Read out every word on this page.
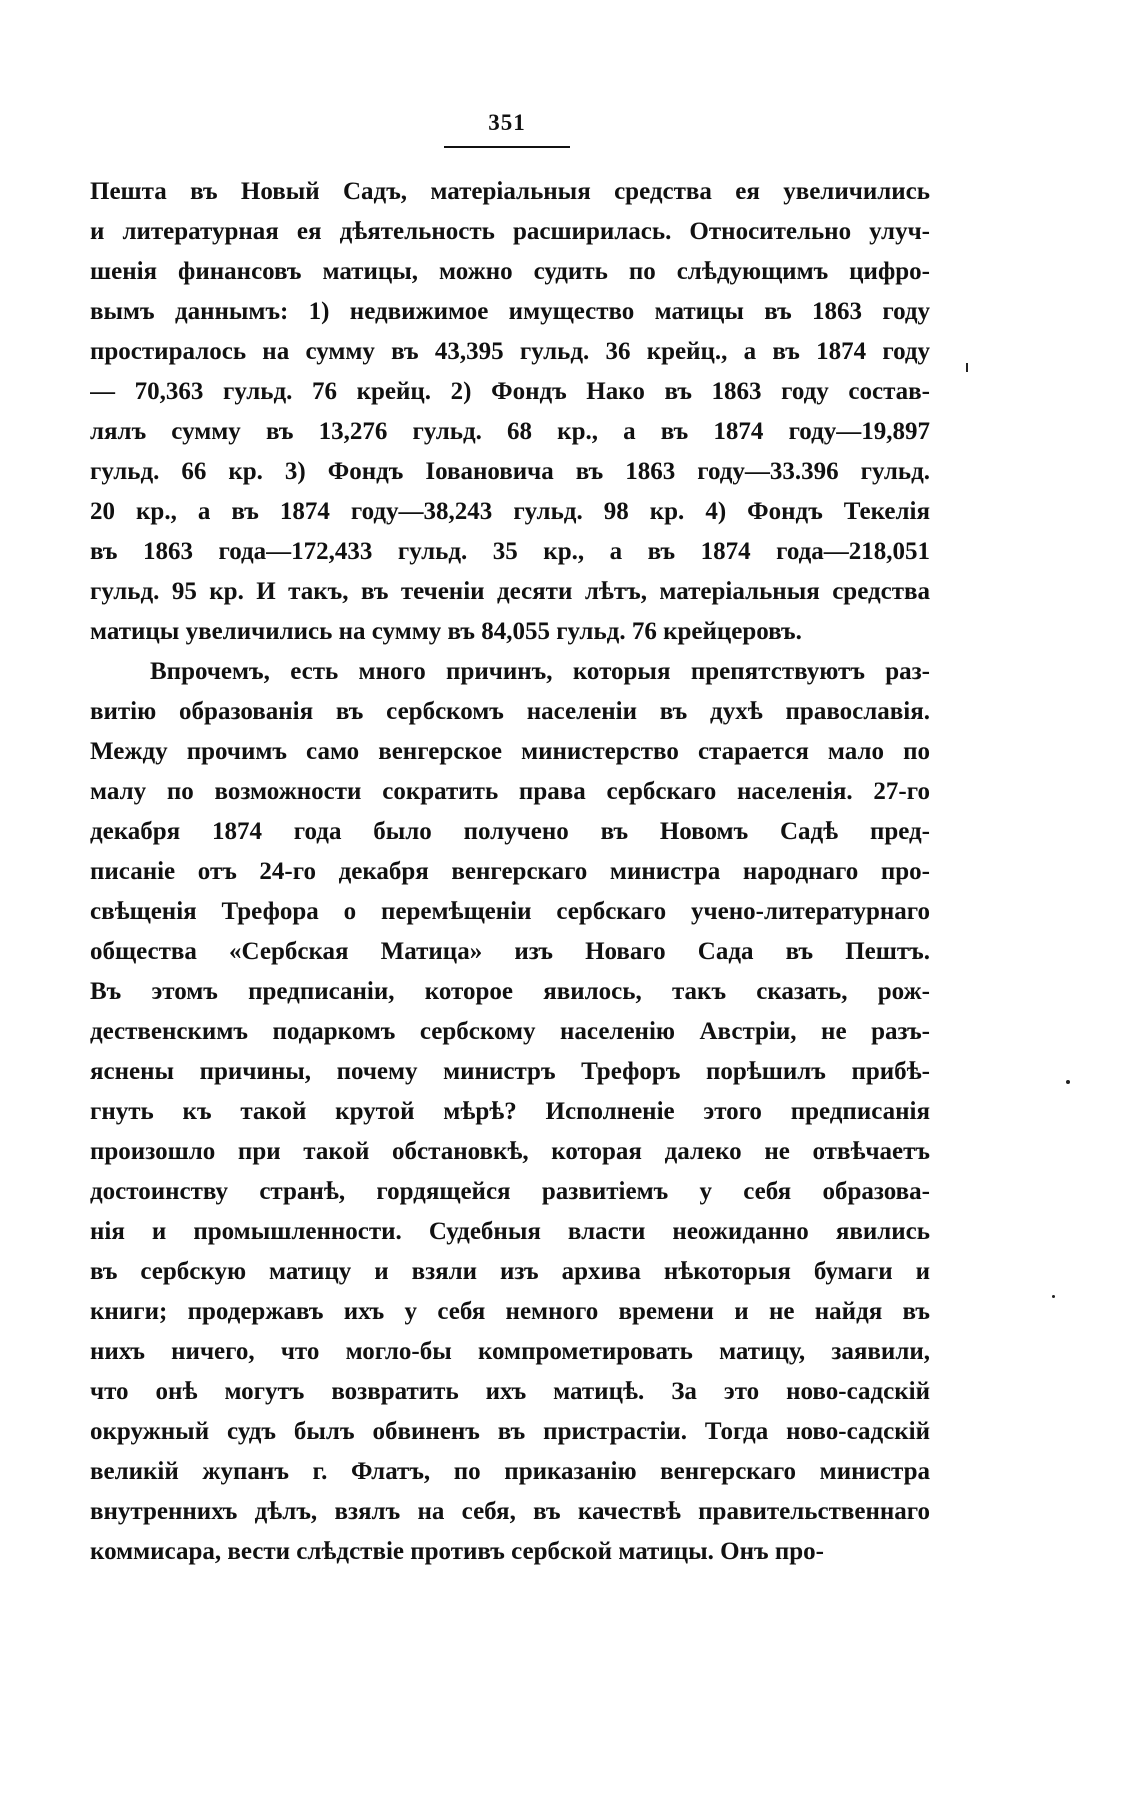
351
Пешта въ Новый Садъ, матеріальныя средства ея увеличились
и литературная ея дѣятельность расширилась. Относительно улуч-
шенія финансовъ матицы, можно судить по слѣдующимъ цифро-
вымъ даннымъ: 1) недвижимое имущество матицы въ 1863 году
простиралось на сумму въ 43,395 гульд. 36 крейц., а въ 1874 году
— 70,363 гульд. 76 крейц. 2) Фондъ Нако въ 1863 году состав-
лялъ сумму въ 13,276 гульд. 68 кр., а въ 1874 году—19,897
гульд. 66 кр. 3) Фондъ Іовановича въ 1863 году—33.396 гульд.
20 кр., а въ 1874 году—38,243 гульд. 98 кр. 4) Фондъ Текелія
въ 1863 года—172,433 гульд. 35 кр., а въ 1874 года—218,051
гульд. 95 кр. И такъ, въ теченіи десяти лѣтъ, матеріальныя средства
матицы увеличились на сумму въ 84,055 гульд. 76 крейцеровъ.
Впрочемъ, есть много причинъ, которыя препятствуютъ раз-
витію образованія въ сербскомъ населеніи въ духѣ православія.
Между прочимъ само венгерское министерство старается мало по
малу по возможности сократить права сербскаго населенія. 27-го
декабря 1874 года было получено въ Новомъ Садѣ пред-
писаніе отъ 24-го декабря венгерскаго министра народнаго про-
свѣщенія Трефора о перемѣщеніи сербскаго учено-литературнаго
общества «Сербская Матица» изъ Новаго Сада въ Пештъ.
Въ этомъ предписаніи, которое явилось, такъ сказать, рож-
дественскимъ подаркомъ сербскому населенію Австріи, не разъ-
яснены причины, почему министръ Трефоръ порѣшилъ прибѣ-
гнуть къ такой крутой мѣрѣ? Исполненіе этого предписанія
произошло при такой обстановкѣ, которая далеко не отвѣчаетъ
достоинству странѣ, гордящейся развитіемъ у себя образова-
нія и промышленности. Судебныя власти неожиданно явились
въ сербскую матицу и взяли изъ архива нѣкоторыя бумаги и
книги; продержавъ ихъ у себя немного времени и не найдя въ
нихъ ничего, что могло-бы компрометировать матицу, заявили,
что онѣ могутъ возвратить ихъ матицѣ. За это ново-садскій
окружный судъ былъ обвиненъ въ пристрастіи. Тогда ново-садскій
великій жупанъ г. Флатъ, по приказанію венгерскаго министра
внутреннихъ дѣлъ, взялъ на себя, въ качествѣ правительственнаго
коммисара, вести слѣдствіе противъ сербской матицы. Онъ про-
